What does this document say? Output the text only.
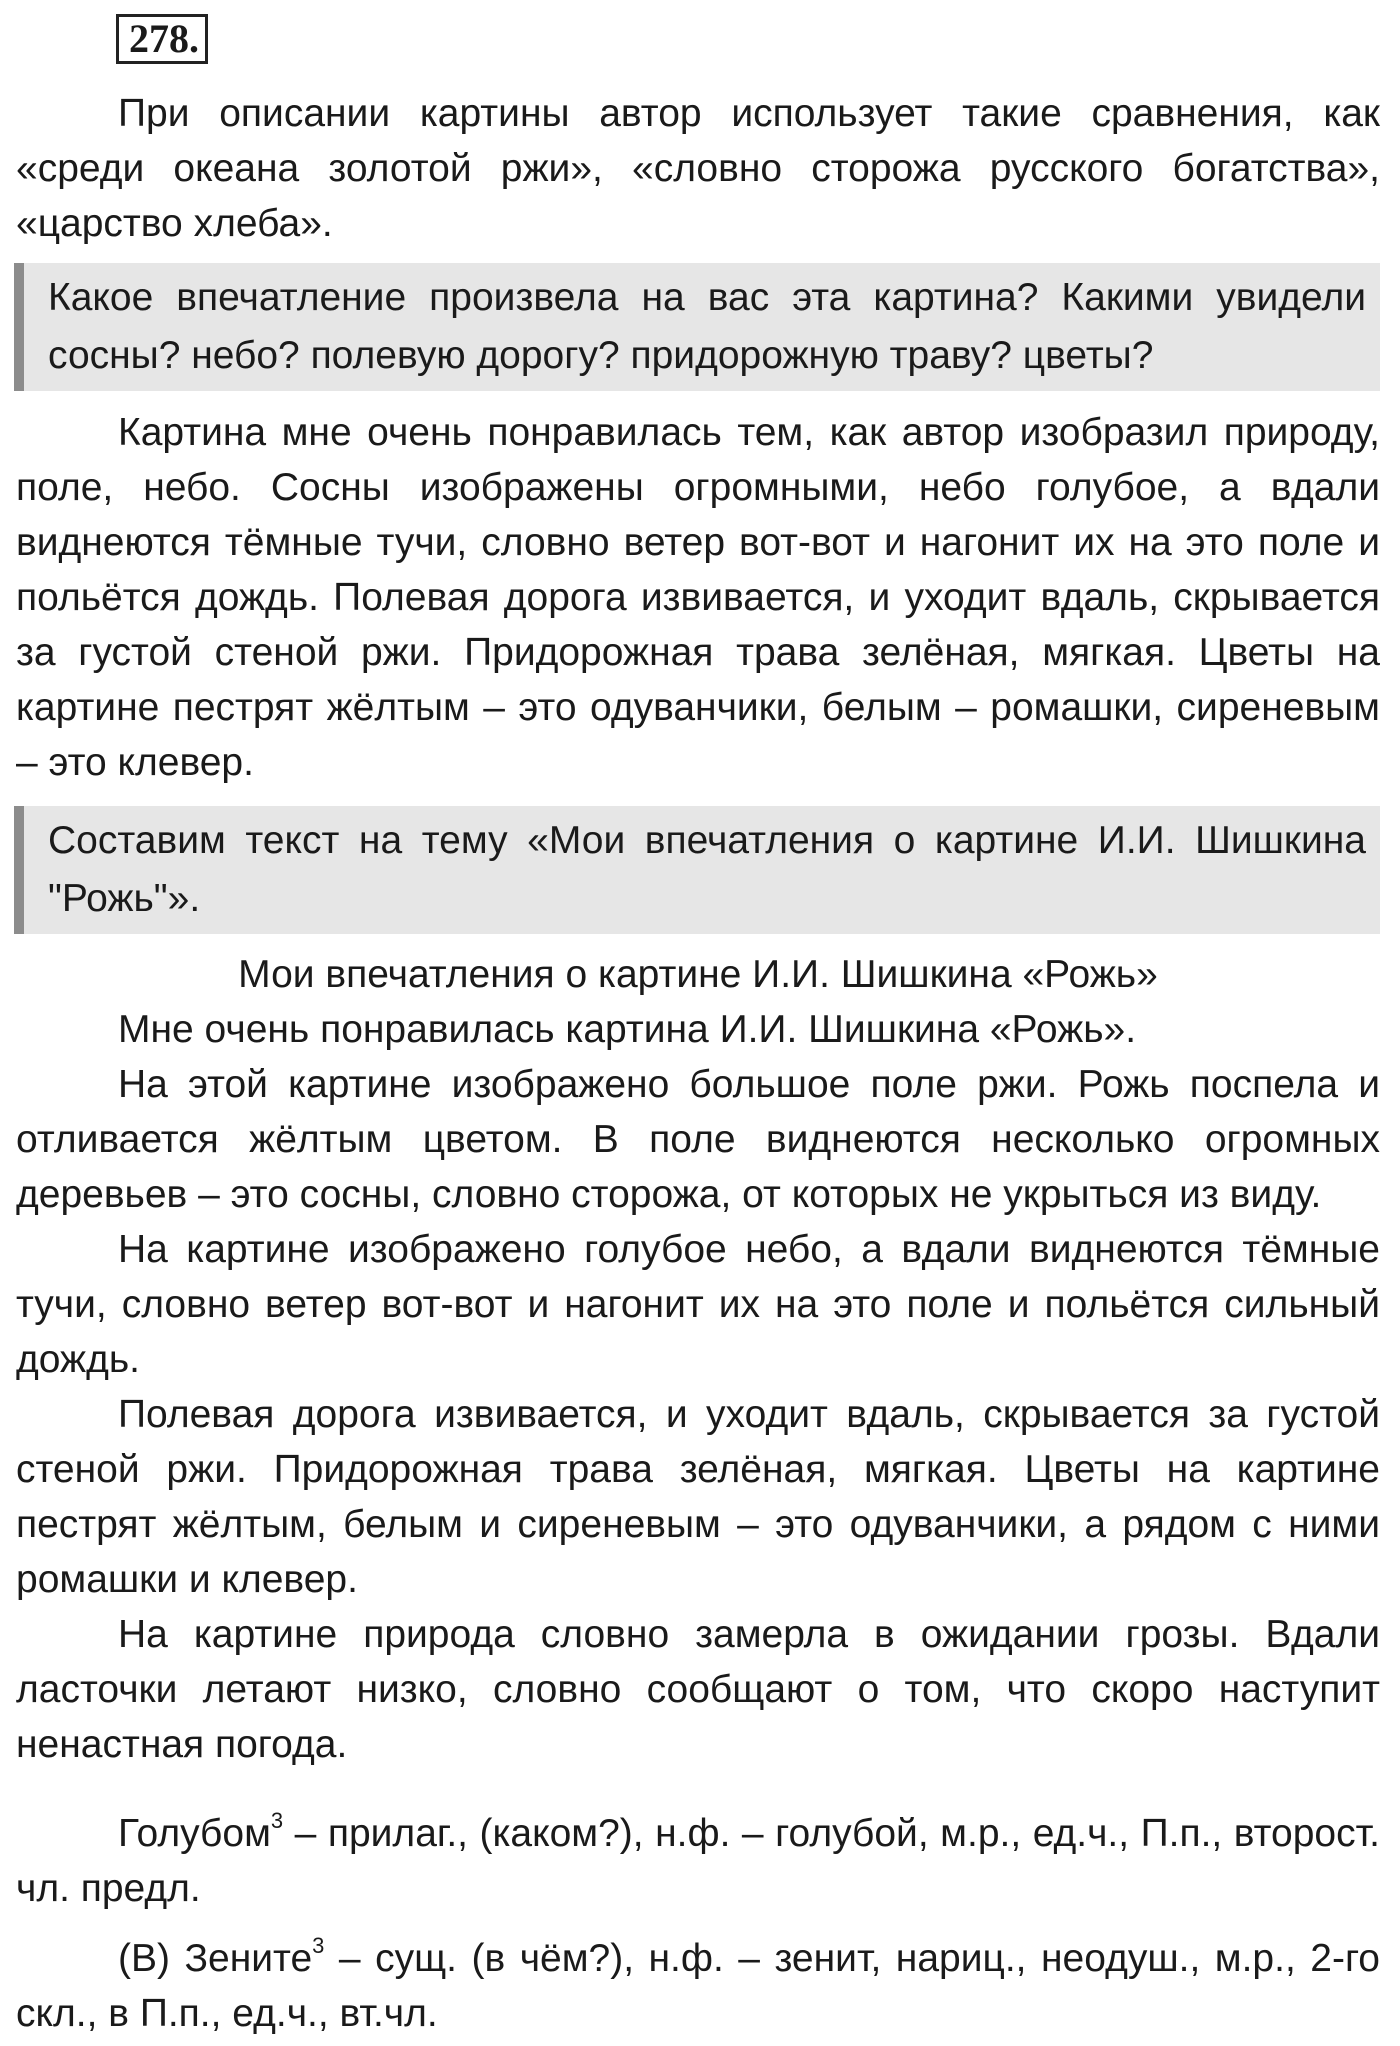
278.

При описании картины автор использует такие сравнения, как «среди океана золотой ржи», «словно сторожа русского богатства», «царство хлеба».

Какое впечатление произвела на вас эта картина? Какими увидели сосны? небо? полевую дорогу? придорожную траву? цветы?

Картина мне очень понравилась тем, как автор изобразил природу, поле, небо. Сосны изображены огромными, небо голубое, а вдали виднеются тёмные тучи, словно ветер вот-вот и нагонит их на это поле и польётся дождь. Полевая дорога извивается, и уходит вдаль, скрывается за густой стеной ржи. Придорожная трава зелёная, мягкая. Цветы на картине пестрят жёлтым – это одуванчики, белым – ромашки, сиреневым – это клевер.

Составим текст на тему «Мои впечатления о картине И.И. Шишкина "Рожь"».

Мои впечатления о картине И.И. Шишкина «Рожь»

Мне очень понравилась картина И.И. Шишкина «Рожь».

На этой картине изображено большое поле ржи. Рожь поспела и отливается жёлтым цветом. В поле виднеются несколько огромных деревьев – это сосны, словно сторожа, от которых не укрыться из виду.

На картине изображено голубое небо, а вдали виднеются тёмные тучи, словно ветер вот-вот и нагонит их на это поле и польётся сильный дождь.

Полевая дорога извивается, и уходит вдаль, скрывается за густой стеной ржи. Придорожная трава зелёная, мягкая. Цветы на картине пестрят жёлтым, белым и сиреневым – это одуванчики, а рядом с ними ромашки и клевер.

На картине природа словно замерла в ожидании грозы. Вдали ласточки летают низко, словно сообщают о том, что скоро наступит ненастная погода.

Голубом$^3$ – прилаг., (каком?), н.ф. – голубой, м.р., ед.ч., П.п., второст. чл. предл.

(В) Зените$^3$ – сущ. (в чём?), н.ф. – зенит, нариц., неодуш., м.р., 2-го скл., в П.п., ед.ч., вт.чл.
